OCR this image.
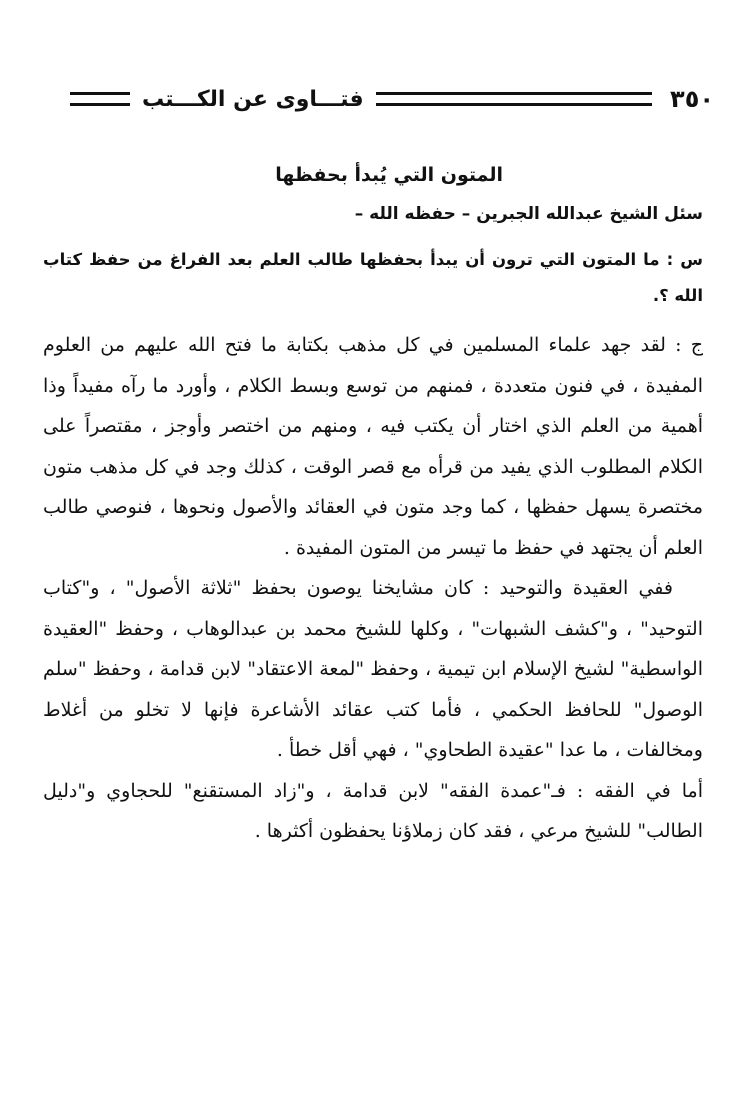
٣٥٠
فتـــاوى عن الكـــتب
المتون التي يُبدأ بحفظها
سئل الشيخ عبدالله الجبرين – حفظه الله –
س : ما المتون التي ترون أن يبدأ بحفظها طالب العلم بعد الفراغ من حفظ كتاب الله ؟.

ج : لقد جهد علماء المسلمين في كل مذهب بكتابة ما فتح الله عليهم من العلوم المفيدة ، في فنون متعددة ، فمنهم من توسع وبسط الكلام ، وأورد ما رآه مفيداً وذا أهمية من العلم الذي اختار أن يكتب فيه ، ومنهم من اختصر وأوجز ، مقتصراً على الكلام المطلوب الذي يفيد من قرأه مع قصر الوقت ، كذلك وجد في كل مذهب متون مختصرة يسهل حفظها ، كما وجد متون في العقائد والأصول ونحوها ، فنوصي طالب العلم أن يجتهد في حفظ ما تيسر من المتون المفيدة .

ففي العقيدة والتوحيد : كان مشايخنا يوصون بحفظ "ثلاثة الأصول" ، و"كتاب التوحيد" ، و"كشف الشبهات" ، وكلها للشيخ محمد بن عبدالوهاب ، وحفظ "العقيدة الواسطية" لشيخ الإسلام ابن تيمية ، وحفظ "لمعة الاعتقاد" لابن قدامة ، وحفظ "سلم الوصول" للحافظ الحكمي ، فأما كتب عقائد الأشاعرة فإنها لا تخلو من أغلاط ومخالفات ، ما عدا "عقيدة الطحاوي" ، فهي أقل خطأ .

أما في الفقه : فـ"عمدة الفقه" لابن قدامة ، و"زاد المستقنع" للحجاوي و"دليل الطالب" للشيخ مرعي ، فقد كان زملاؤنا يحفظون أكثرها .
